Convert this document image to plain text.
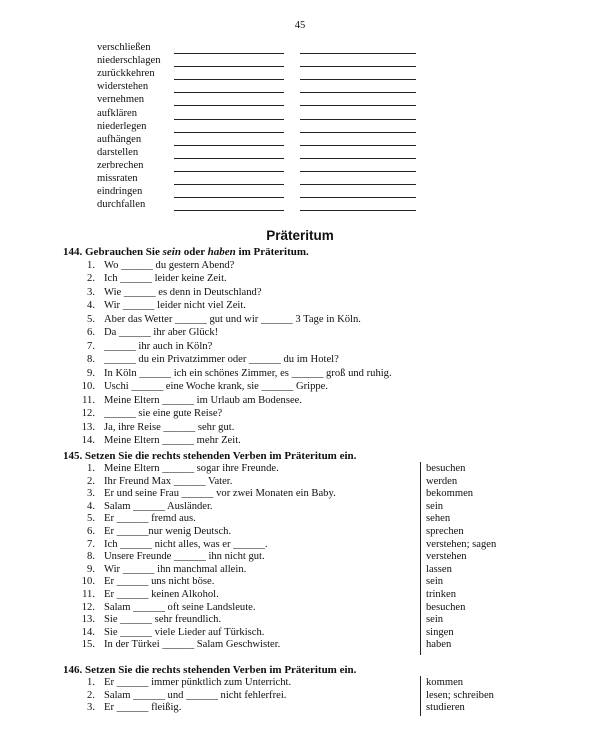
45
verschließen
niederschlagen
zurückkehren
widerstehen
vernehmen
aufklären
niederlegen
aufhängen
darstellen
zerbrechen
missraten
eindringen
durchfallen
Präteritum
144. Gebrauchen Sie sein oder haben im Präteritum.
1. Wo ______ du gestern Abend?
2. Ich ______ leider keine Zeit.
3. Wie ______ es denn in Deutschland?
4. Wir ______ leider nicht viel Zeit.
5. Aber das Wetter ______ gut und wir ______ 3 Tage in Köln.
6. Da ______ ihr aber Glück!
7. ______ ihr auch in Köln?
8. ______ du ein Privatzimmer oder ______ du im Hotel?
9. In Köln ______ ich ein schönes Zimmer, es ______ groß und ruhig.
10. Uschi ______ eine Woche krank, sie ______ Grippe.
11. Meine Eltern ______ im Urlaub am Bodensee.
12. ______ sie eine gute Reise?
13. Ja, ihre Reise ______ sehr gut.
14. Meine Eltern ______ mehr Zeit.
145. Setzen Sie die rechts stehenden Verben im Präteritum ein.
1. Meine Eltern ______ sogar ihre Freunde.	besuchen
2. Ihr Freund Max ______ Vater.	werden
3. Er und seine Frau ______ vor zwei Monaten ein Baby.	bekommen
4. Salam ______ Ausländer.	sein
5. Er ______ fremd aus.	sehen
6. Er ______nur wenig Deutsch.	sprechen
7. Ich ______ nicht alles, was er ______.	verstehen; sagen
8. Unsere Freunde ______ ihn nicht gut.	verstehen
9. Wir ______ ihn manchmal allein.	lassen
10. Er ______ uns nicht böse.	sein
11. Er ______ keinen Alkohol.	trinken
12. Salam ______ oft seine Landsleute.	besuchen
13. Sie ______ sehr freundlich.	sein
14. Sie ______ viele Lieder auf Türkisch.	singen
15. In der Türkei ______ Salam Geschwister.	haben
146. Setzen Sie die rechts stehenden Verben im Präteritum ein.
1. Er ______ immer pünktlich zum Unterricht.	kommen
2. Salam ______ und ______ nicht fehlerfrei.	lesen; schreiben
3. Er ______ fleißig.	studieren
